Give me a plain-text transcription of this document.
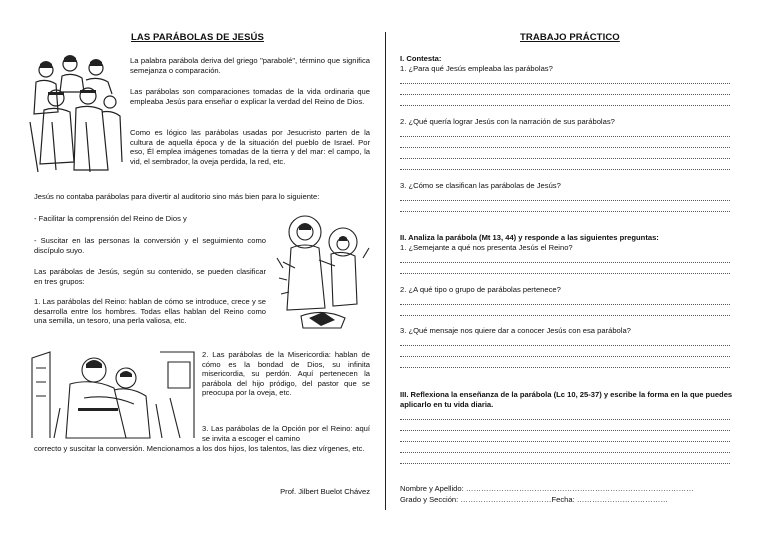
LAS PARÁBOLAS DE JESÚS
La palabra parábola deriva del griego "parabolé", término que significa semejanza o comparación.
Las parábolas son comparaciones tomadas de la vida ordinaria que empleaba Jesús para enseñar o explicar la verdad del Reino de Dios.
Como es lógico las parábolas usadas por Jesucristo parten de la cultura de aquella época y de la situación del pueblo de Israel. Por eso, Él emplea imágenes tomadas de la tierra y del mar: el campo, la vid, el sembrador, la oveja perdida, la red, etc.
Jesús no contaba parábolas para divertir al auditorio sino más bien para lo siguiente:
- Facilitar la comprensión del Reino de Dios y
- Suscitar en las personas la conversión y el seguimiento como discípulo suyo.
Las parábolas de Jesús, según su contenido, se pueden clasificar en tres grupos:
1. Las parábolas del Reino: hablan de cómo se introduce, crece y se desarrolla entre los hombres. Todas ellas hablan del Reino como una semilla, un tesoro, una perla valiosa, etc.
2. Las parábolas de la Misericordia: hablan de cómo es la bondad de Dios, su infinita misericordia, su perdón. Aquí pertenecen la parábola del hijo pródigo, del pastor que se preocupa por la oveja, etc.
3. Las parábolas de la Opción por el Reino: aquí se invita a escoger el camino
correcto y suscitar la conversión. Mencionamos a los dos hijos, los talentos, las diez vírgenes, etc.
Prof. Jilbert Buelot Chávez
TRABAJO PRÁCTICO
I. Contesta:
1. ¿Para qué Jesús empleaba las parábolas?
2. ¿Qué quería lograr Jesús con la narración de sus parábolas?
3. ¿Cómo se clasifican las parábolas de Jesús?
II. Analiza la parábola (Mt 13, 44) y responde a las siguientes preguntas:
1. ¿Semejante a qué nos presenta Jesús el Reino?
2. ¿A qué tipo o grupo de parábolas pertenece?
3. ¿Qué mensaje nos quiere dar a conocer Jesús con esa parábola?
III. Reflexiona la enseñanza de la parábola (Lc 10, 25-37) y escribe la forma en la que puedes aplicarlo en tu vida diaria.
Nombre y Apellido: ………………………………………………………………………………
Grado y Sección: ………………………………Fecha: ………………………………
